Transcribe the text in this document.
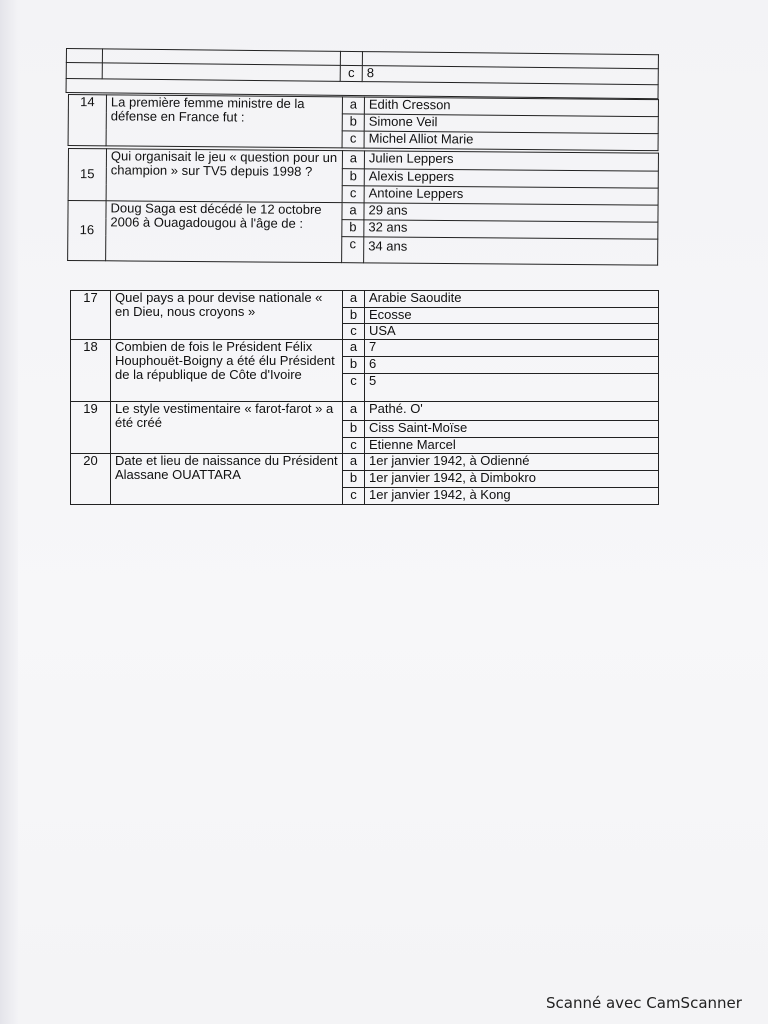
		c	8

14	La première femme ministre de la défense en France fut :	a	Edith Cresson
		b	Simone Veil
		c	Michel Alliot Marie
15	Qui organisait le jeu « question pour un champion » sur TV5 depuis 1998 ?	a	Julien Leppers
		b	Alexis Leppers
		c	Antoine Leppers
16	Doug Saga est décédé le 12 octobre 2006 à Ouagadougou à l'âge de :	a	29 ans
		b	32 ans
		c	34 ans
17	Quel pays a pour devise nationale « en Dieu, nous croyons »	a	Arabie Saoudite
		b	Ecosse
		c	USA
18	Combien de fois le Président Félix Houphouët-Boigny a été élu Président de la république de Côte d'Ivoire	a	7
		b	6
		c	5
19	Le style vestimentaire « farot-farot » a été créé	a	Pathé. O'
		b	Ciss Saint-Moïse
		c	Etienne Marcel
20	Date et lieu de naissance du Président Alassane OUATTARA	a	1er janvier 1942, à Odienné
		b	1er janvier 1942, à Dimbokro
		c	1er janvier 1942, à Kong
Scanné avec CamScanner
